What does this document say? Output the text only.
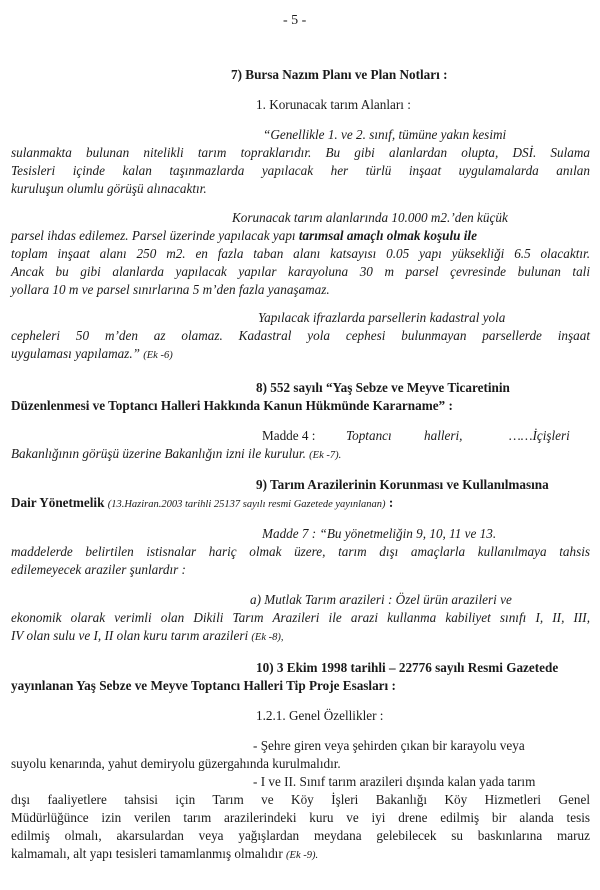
- 5 -
7) Bursa Nazım Planı ve Plan Notları :
1. Korunacak tarım Alanları :
“Genellikle 1. ve 2. sınıf, tümüne yakın kesimi
sulanmakta bulunan nitelikli tarım topraklarıdır. Bu gibi alanlardan olupta, DSİ. Sulama
Tesisleri içinde kalan taşınmazlarda yapılacak her türlü inşaat uygulamalarda anılan
kuruluşun olumlu görüşü alınacaktır.
Korunacak tarım alanlarında 10.000 m2.’den küçük
parsel ihdas edilemez. Parsel üzerinde yapılacak yapı tarımsal amaçlı olmak koşulu ile
toplam inşaat alanı 250 m2. en fazla taban alanı katsayısı 0.05 yapı yüksekliği 6.5 olacaktır.
Ancak bu gibi alanlarda yapılacak yapılar karayoluna 30 m parsel çevresinde bulunan tali
yollara 10 m ve parsel sınırlarına 5 m’den fazla yanaşamaz.
Yapılacak ifrazlarda parsellerin kadastral yola
cepheleri 50 m’den az olamaz. Kadastral yola cephesi bulunmayan parsellerde inşaat
uygulaması yapılamaz.” (Ek -6)
8) 552 sayılı “Yaş Sebze ve Meyve Ticaretinin
Düzenlenmesi ve Toptancı Halleri Hakkında Kanun Hükmünde Kararname” :
Madde 4 : Toptancı halleri,	……İçişleri
Bakanlığının görüşü üzerine Bakanlığın izni ile kurulur. (Ek -7).
9) Tarım Arazilerinin Korunması ve Kullanılmasına
Dair Yönetmelik (13.Haziran.2003 tarihli 25137 sayılı resmi Gazetede yayınlanan) :
Madde 7 : “Bu yönetmeliğin 9, 10, 11 ve 13.
maddelerde belirtilen istisnalar hariç olmak üzere, tarım dışı amaçlarla kullanılmaya tahsis
edilemeyecek araziler şunlardır :
a) Mutlak Tarım arazileri : Özel ürün arazileri ve
ekonomik olarak verimli olan Dikili Tarım Arazileri ile arazi kullanma kabiliyet sınıfı I, II, III,
IV olan sulu ve I, II olan kuru tarım arazileri (Ek -8),
10) 3 Ekim 1998 tarihli – 22776 sayılı Resmi Gazetede
yayınlanan Yaş Sebze ve Meyve Toptancı Halleri Tip Proje Esasları :
1.2.1. Genel Özellikler :
- Şehre giren veya şehirden çıkan bir karayolu veya
suyolu kenarında, yahut demiryolu güzergahında kurulmalıdır.
- I ve II. Sınıf tarım arazileri dışında kalan yada tarım
dışı faaliyetlere tahsisi için Tarım ve Köy İşleri Bakanlığı Köy Hizmetleri Genel
Müdürlüğünce izin verilen tarım arazilerindeki kuru ve iyi drene edilmiş bir alanda tesis
edilmiş olmalı, akarsulardan veya yağışlardan meydana gelebilecek su baskınlarına maruz
kalmamalı, alt yapı tesisleri tamamlanmış olmalıdır (Ek -9).
